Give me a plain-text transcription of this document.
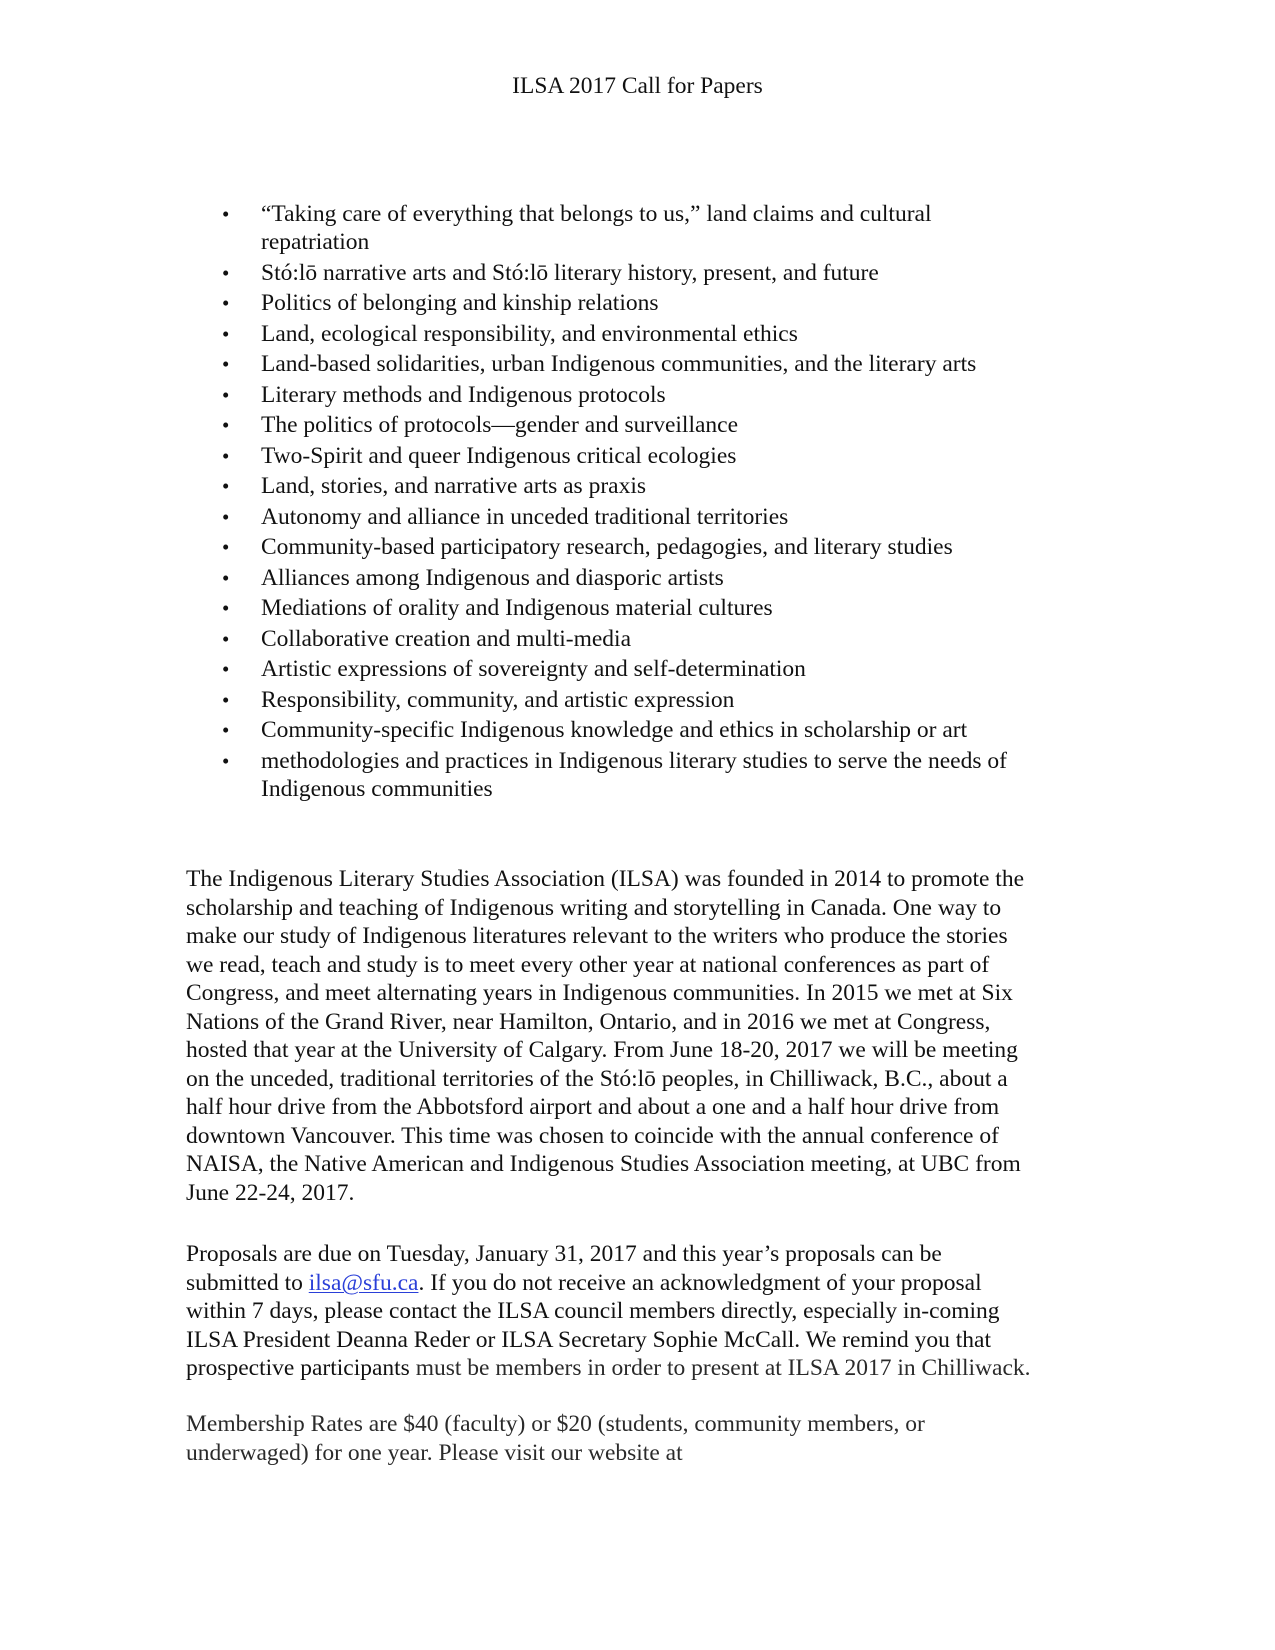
ILSA 2017 Call for Papers
•	“Taking care of everything that belongs to us,” land claims and cultural
repatriation
•	Stó:lō narrative arts and Stó:lō literary history, present, and future
•	Politics of belonging and kinship relations
•	Land, ecological responsibility, and environmental ethics
•	Land-based solidarities, urban Indigenous communities, and the literary arts
•	Literary methods and Indigenous protocols
•	The politics of protocols—gender and surveillance
•	Two-Spirit and queer Indigenous critical ecologies
•	Land, stories, and narrative arts as praxis
•	Autonomy and alliance in unceded traditional territories
•	Community-based participatory research, pedagogies, and literary studies
•	Alliances among Indigenous and diasporic artists
•	Mediations of orality and Indigenous material cultures
•	Collaborative creation and multi-media
•	Artistic expressions of sovereignty and self-determination
•	Responsibility, community, and artistic expression
•	Community-specific Indigenous knowledge and ethics in scholarship or art
•	methodologies and practices in Indigenous literary studies to serve the needs of
Indigenous communities

The Indigenous Literary Studies Association (ILSA) was founded in 2014 to promote the
scholarship and teaching of Indigenous writing and storytelling in Canada. One way to
make our study of Indigenous literatures relevant to the writers who produce the stories
we read, teach and study is to meet every other year at national conferences as part of
Congress, and meet alternating years in Indigenous communities. In 2015 we met at Six
Nations of the Grand River, near Hamilton, Ontario, and in 2016 we met at Congress,
hosted that year at the University of Calgary. From June 18-20, 2017 we will be meeting
on the unceded, traditional territories of the Stó:lō peoples, in Chilliwack, B.C., about a
half hour drive from the Abbotsford airport and about a one and a half hour drive from
downtown Vancouver. This time was chosen to coincide with the annual conference of
NAISA, the Native American and Indigenous Studies Association meeting, at UBC from
June 22-24, 2017.

Proposals are due on Tuesday, January 31, 2017 and this year’s proposals can be
submitted to ilsa@sfu.ca. If you do not receive an acknowledgment of your proposal
within 7 days, please contact the ILSA council members directly, especially in-coming
ILSA President Deanna Reder or ILSA Secretary Sophie McCall. We remind you that
prospective participants must be members in order to present at ILSA 2017 in Chilliwack.

Membership Rates are $40 (faculty) or $20 (students, community members, or
underwaged) for one year. Please visit our website at
